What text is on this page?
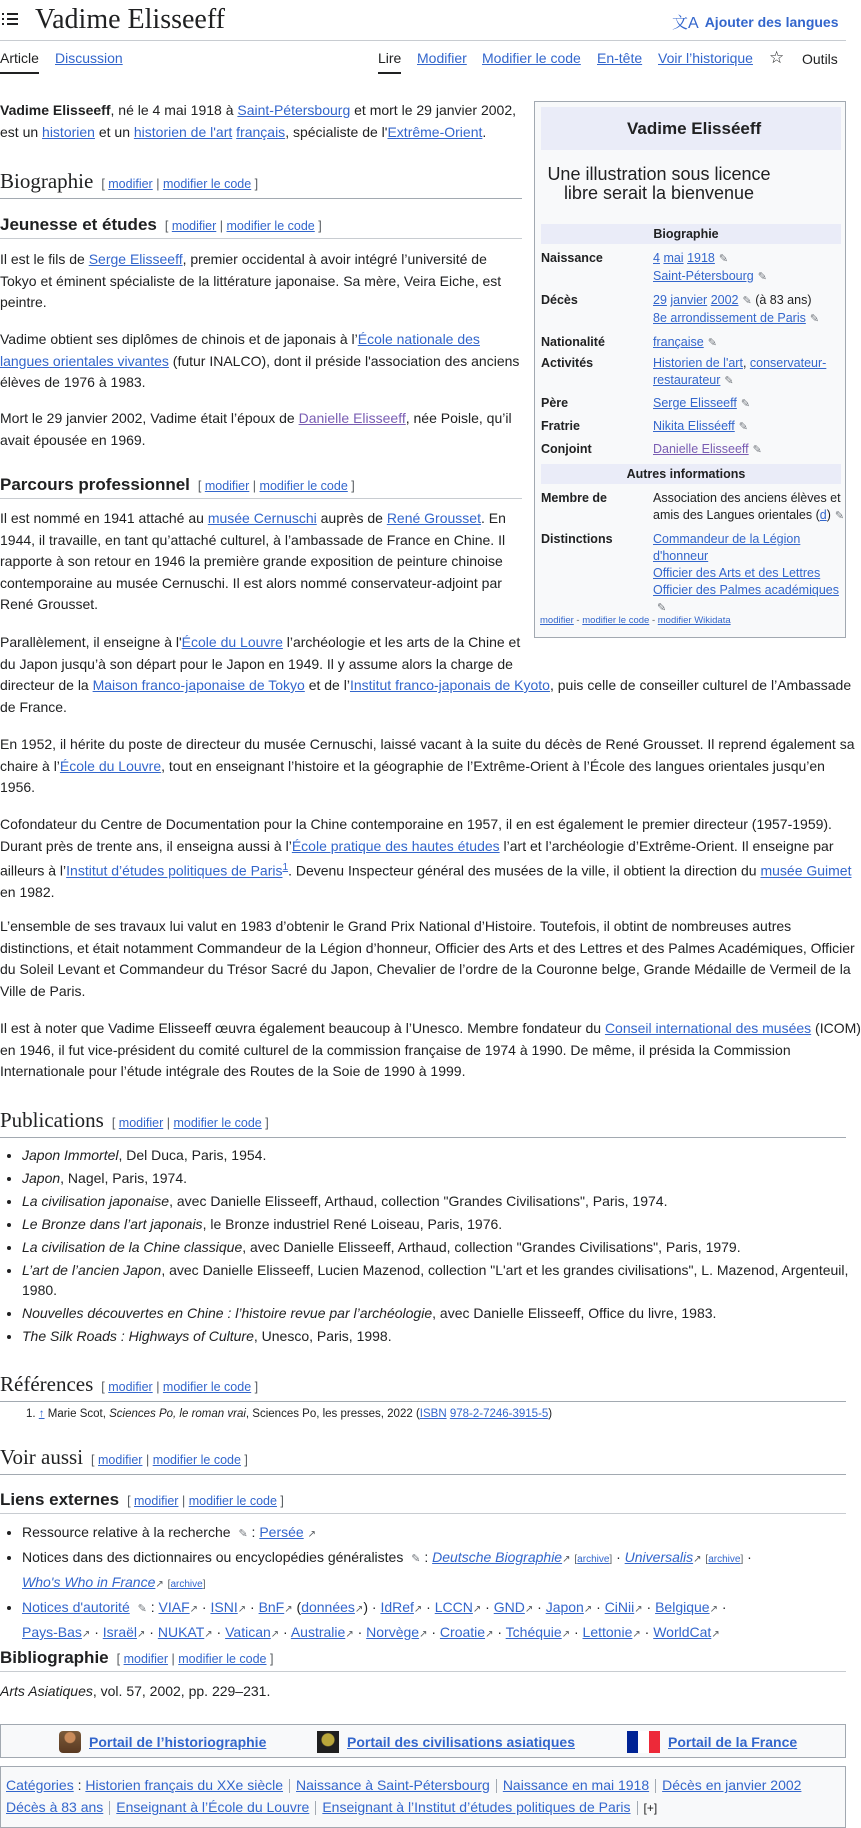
Vadime Elisseeff	文A Ajouter des langues
Article Discussion	Lire Modifier Modifier le code En-tête Voir l’historique ☆ Outils
Vadime Elisseeff, né le 4 mai 1918 à Saint-Pétersbourg et mort le 29 janvier 2002,
est un historien et un historien de l'art français, spécialiste de l'Extrême-Orient.
Biographie [ modifier | modifier le code ]
Jeunesse et études [ modifier | modifier le code ]
Il est le fils de Serge Elisseeff, premier occidental à avoir intégré l’université de
Tokyo et éminent spécialiste de la littérature japonaise. Sa mère, Veira Eiche, est
peintre.
Vadime obtient ses diplômes de chinois et de japonais à l’École nationale des
langues orientales vivantes (futur INALCO), dont il préside l'association des anciens
élèves de 1976 à 1983.
Mort le 29 janvier 2002, Vadime était l’époux de Danielle Elisseeff, née Poisle, qu’il
avait épousée en 1969.
Parcours professionnel [ modifier | modifier le code ]
Il est nommé en 1941 attaché au musée Cernuschi auprès de René Grousset. En
1944, il travaille, en tant qu’attaché culturel, à l’ambassade de France en Chine. Il
rapporte à son retour en 1946 la première grande exposition de peinture chinoise
contemporaine au musée Cernuschi. Il est alors nommé conservateur-adjoint par
René Grousset.
Parallèlement, il enseigne à l'École du Louvre l’archéologie et les arts de la Chine et
du Japon jusqu’à son départ pour le Japon en 1949. Il y assume alors la charge de
directeur de la Maison franco-japonaise de Tokyo et de l’Institut franco-japonais de Kyoto, puis celle de conseiller culturel de l’Ambassade
de France.
En 1952, il hérite du poste de directeur du musée Cernuschi, laissé vacant à la suite du décès de René Grousset. Il reprend également sa
chaire à l’École du Louvre, tout en enseignant l’histoire et la géographie de l’Extrême-Orient à l’École des langues orientales jusqu’en
1956.
Cofondateur du Centre de Documentation pour la Chine contemporaine en 1957, il en est également le premier directeur (1957-1959).
Durant près de trente ans, il enseigna aussi à l’École pratique des hautes études l’art et l’archéologie d’Extrême-Orient. Il enseigne par
ailleurs à l’Institut d’études politiques de Paris$^1$. Devenu Inspecteur général des musées de la ville, il obtient la direction du musée Guimet
en 1982.
L’ensemble de ses travaux lui valut en 1983 d’obtenir le Grand Prix National d’Histoire. Toutefois, il obtint de nombreuses autres
distinctions, et était notamment Commandeur de la Légion d’honneur, Officier des Arts et des Lettres et des Palmes Académiques, Officier
du Soleil Levant et Commandeur du Trésor Sacré du Japon, Chevalier de l’ordre de la Couronne belge, Grande Médaille de Vermeil de la
Ville de Paris.
Il est à noter que Vadime Elisseeff œuvra également beaucoup à l’Unesco. Membre fondateur du Conseil international des musées (ICOM)
en 1946, il fut vice-président du comité culturel de la commission française de 1974 à 1990. De même, il présida la Commission
Internationale pour l’étude intégrale des Routes de la Soie de 1990 à 1999.
Publications [ modifier | modifier le code ]
• Japon Immortel, Del Duca, Paris, 1954.
• Japon, Nagel, Paris, 1974.
• La civilisation japonaise, avec Danielle Elisseeff, Arthaud, collection "Grandes Civilisations", Paris, 1974.
• Le Bronze dans l’art japonais, le Bronze industriel René Loiseau, Paris, 1976.
• La civilisation de la Chine classique, avec Danielle Elisseeff, Arthaud, collection "Grandes Civilisations", Paris, 1979.
• L’art de l’ancien Japon, avec Danielle Elisseeff, Lucien Mazenod, collection "L'art et les grandes civilisations", L. Mazenod, Argenteuil,
1980.
• Nouvelles découvertes en Chine : l’histoire revue par l’archéologie, avec Danielle Elisseeff, Office du livre, 1983.
• The Silk Roads : Highways of Culture, Unesco, Paris, 1998.
Références [ modifier | modifier le code ]
1. ↑ Marie Scot, Sciences Po, le roman vrai, Sciences Po, les presses, 2022 (ISBN 978-2-7246-3915-5)
Voir aussi [ modifier | modifier le code ]
Liens externes [ modifier | modifier le code ]
• Ressource relative à la recherche ✎ : Persée ↗
• Notices dans des dictionnaires ou encyclopédies généralistes ✎ : Deutsche Biographie↗ [archive] · Universalis↗ [archive] ·
Who's Who in France↗ [archive]
• Notices d'autorité ✎ : VIAF↗ · ISNI↗ · BnF↗ (données↗) · IdRef↗ · LCCN↗ · GND↗ · Japon↗ · CiNii↗ · Belgique↗ ·
Pays-Bas↗ · Israël↗ · NUKAT↗ · Vatican↗ · Australie↗ · Norvège↗ · Croatie↗ · Tchéquie↗ · Lettonie↗ · WorldCat↗
Bibliographie [ modifier | modifier le code ]
Arts Asiatiques, vol. 57, 2002, pp. 229–231.
Portail de l’historiographie	Portail des civilisations asiatiques	Portail de la France
Catégories : Historien français du XXe siècle Naissance à Saint-Pétersbourg Naissance en mai 1918 Décès en janvier 2002
Décès à 83 ans Enseignant à l’École du Louvre Enseignant à l’Institut d’études politiques de Paris [+]
Vadime Elisséeff
Une illustration sous licence
libre serait la bienvenue
Biographie
Naissance	4 mai 1918 ✎
Saint-Pétersbourg ✎
Décès	29 janvier 2002 ✎ (à 83 ans)
8e arrondissement de Paris ✎
Nationalité	française ✎
Activités	Historien de l'art, conservateur-
restaurateur ✎
Père	Serge Elisseeff ✎
Fratrie	Nikita Elisséeff ✎
Conjoint	Danielle Elisseeff ✎
Autres informations
Membre de	Association des anciens élèves et
amis des Langues orientales (d) ✎
Distinctions	Commandeur de la Légion
d'honneur
Officier des Arts et des Lettres
Officier des Palmes académiques
✎
modifier - modifier le code - modifier Wikidata
